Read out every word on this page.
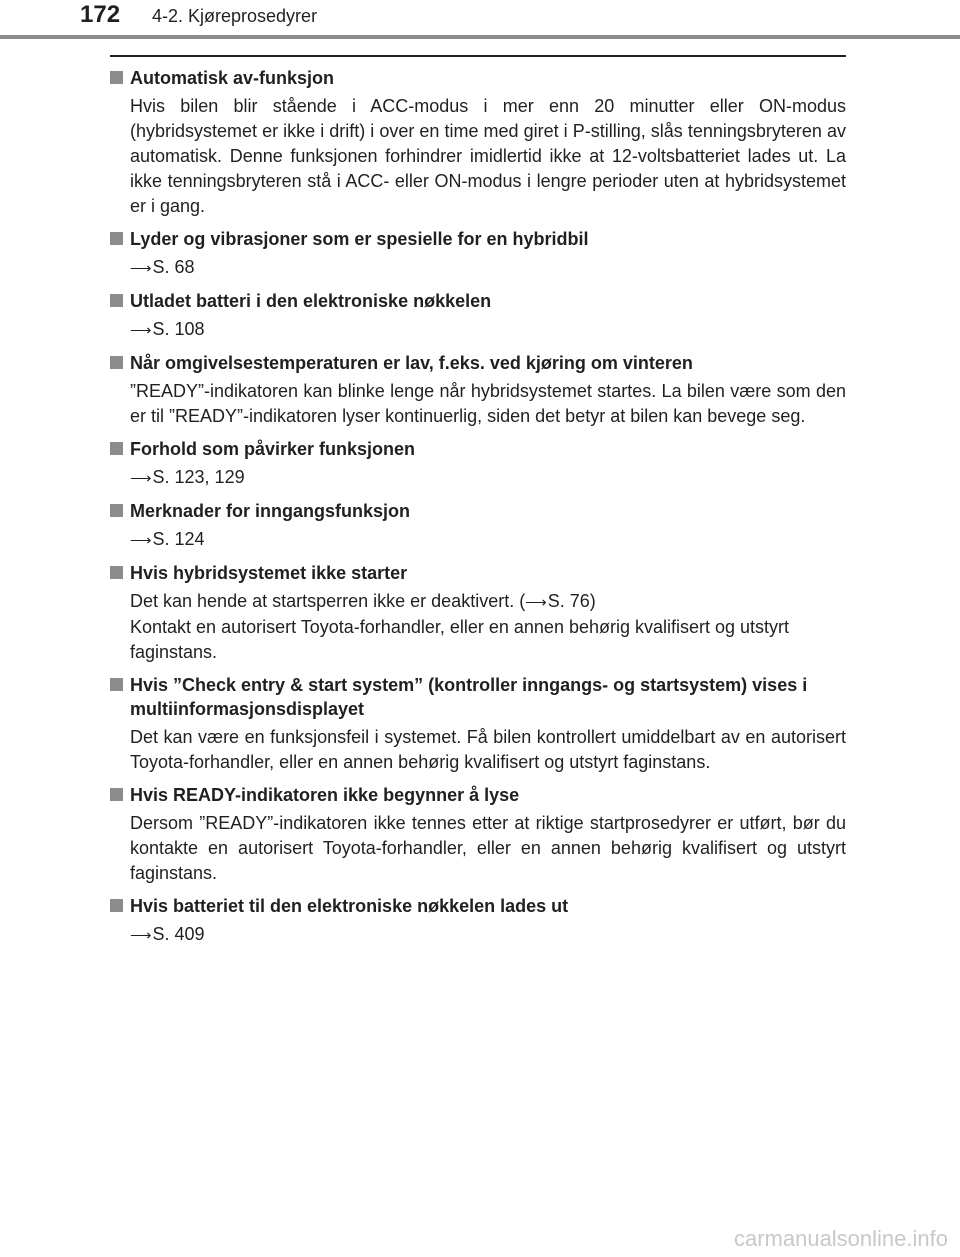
172 4-2. Kjøreprosedyrer
Automatisk av-funksjon

Hvis bilen blir stående i ACC-modus i mer enn 20 minutter eller ON-modus (hybridsystemet er ikke i drift) i over en time med giret i P-stilling, slås tenningsbryteren av automatisk. Denne funksjonen forhindrer imidlertid ikke at 12-voltsbatteriet lades ut. La ikke tenningsbryteren stå i ACC- eller ON-modus i lengre perioder uten at hybridsystemet er i gang.

Lyder og vibrasjoner som er spesielle for en hybridbil
⟶S. 68
Utladet batteri i den elektroniske nøkkelen
⟶S. 108
Når omgivelsestemperaturen er lav, f.eks. ved kjøring om vinteren

”READY”-indikatoren kan blinke lenge når hybridsystemet startes. La bilen være som den er til ”READY”-indikatoren lyser kontinuerlig, siden det betyr at bilen kan bevege seg.

Forhold som påvirker funksjonen
⟶S. 123, 129
Merknader for inngangsfunksjon
⟶S. 124
Hvis hybridsystemet ikke starter

Det kan hende at startsperren ikke er deaktivert. (⟶S. 76)

Kontakt en autorisert Toyota-forhandler, eller en annen behørig kvalifisert og utstyrt faginstans.

Hvis ”Check entry & start system” (kontroller inngangs- og startsystem) vises i multiinformasjonsdisplayet

Det kan være en funksjonsfeil i systemet. Få bilen kontrollert umiddelbart av en autorisert Toyota-forhandler, eller en annen behørig kvalifisert og utstyrt faginstans.

Hvis READY-indikatoren ikke begynner å lyse

Dersom ”READY”-indikatoren ikke tennes etter at riktige startprosedyrer er utført, bør du kontakte en autorisert Toyota-forhandler, eller en annen behørig kvalifisert og utstyrt faginstans.

Hvis batteriet til den elektroniske nøkkelen lades ut
⟶S. 409
carmanualsonline.info
